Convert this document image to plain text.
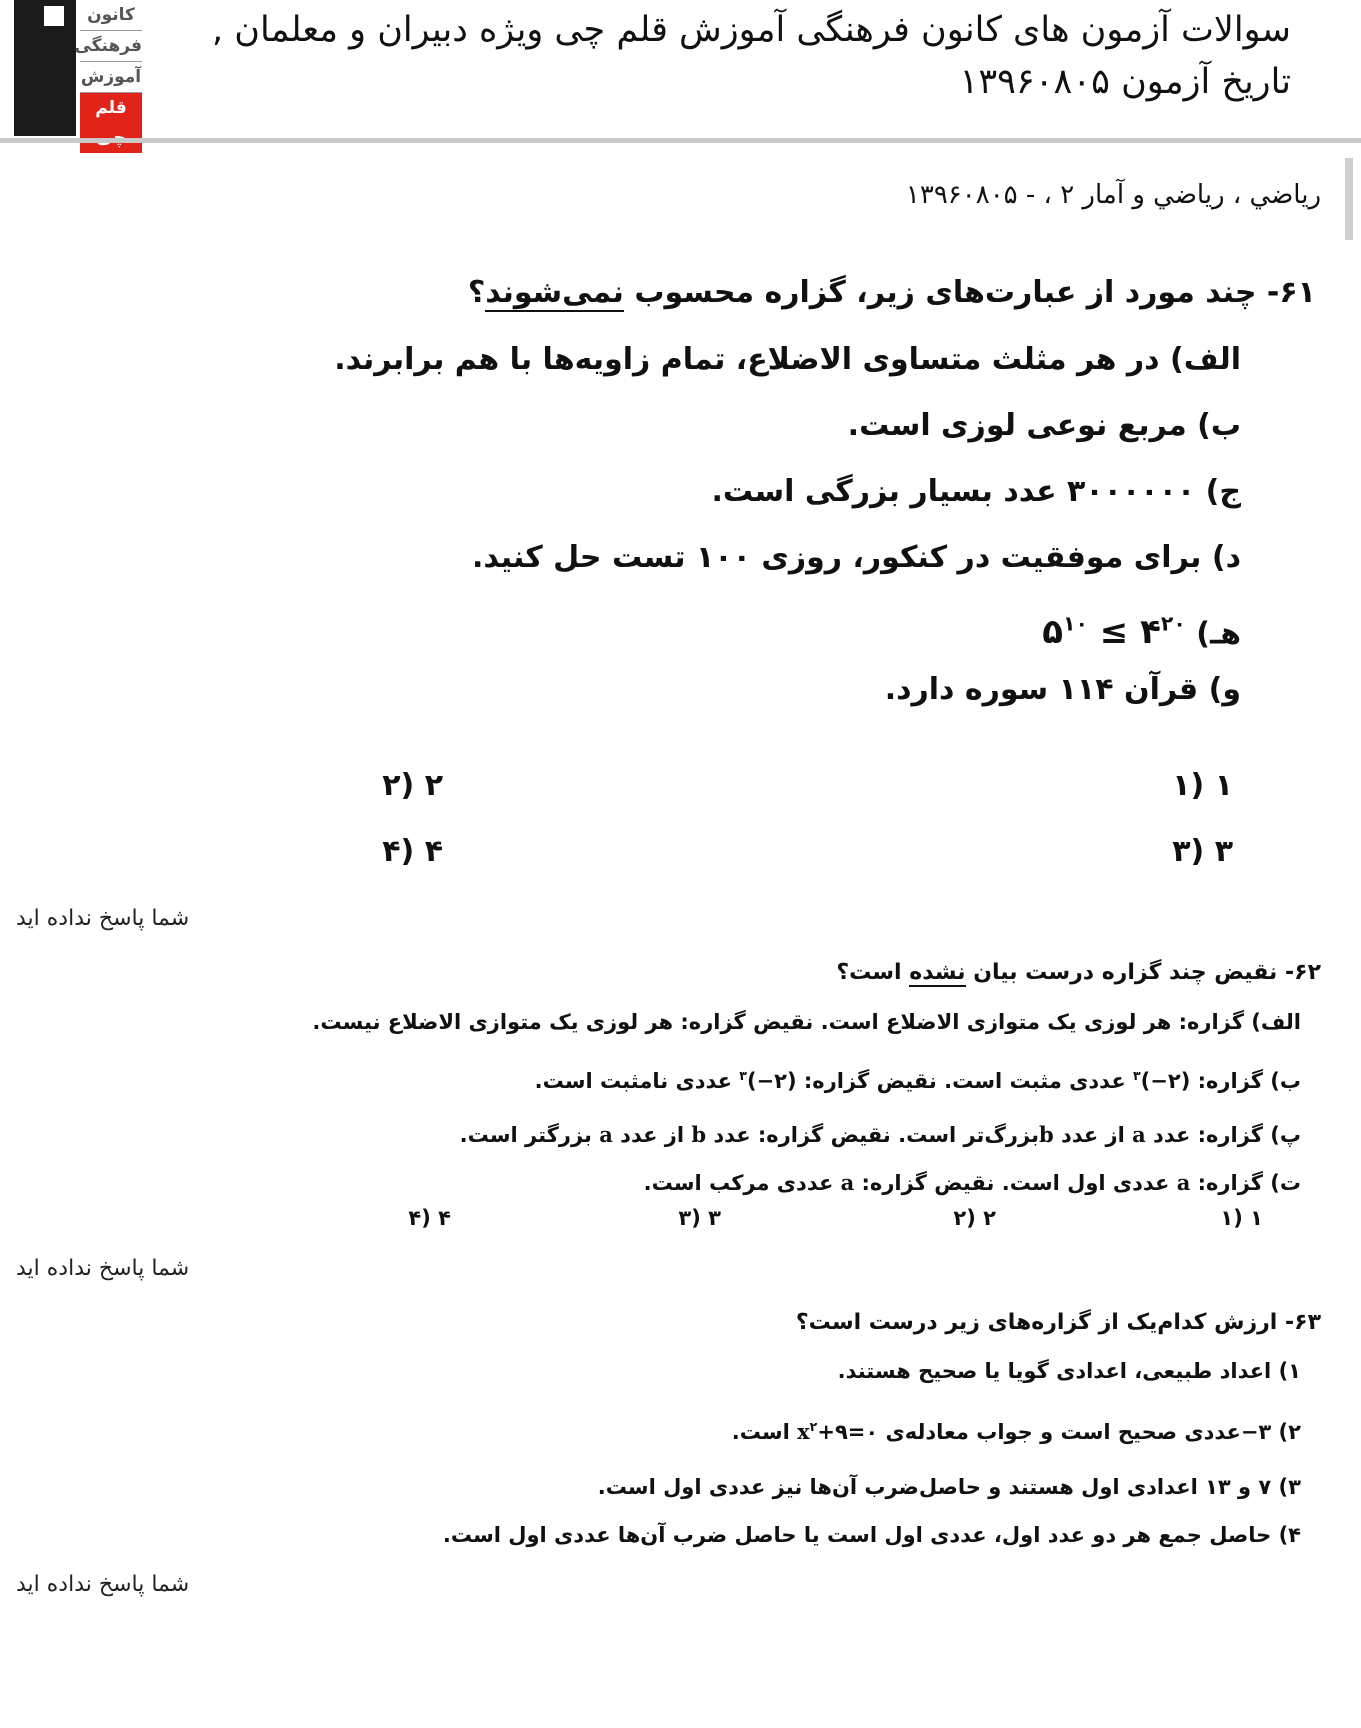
کانون
فرهنگی
آموزش
قلم
سوالات آزمون های کانون فرهنگی آموزش قلم چی ویژه دبیران و معلمان ,
تاریخ آزمون ۱۳۹۶۰۸۰۵
رياضي ، رياضي و آمار ۲ ، - ۱۳۹۶۰۸۰۵
۶۱- چند مورد از عبارت‌های زیر، گزاره محسوب نمی‌شوند؟
الف) در هر مثلث متساوی الاضلاع، تمام زاویه‌ها با هم برابرند.
ب) مربع نوعی لوزی است.
ج) ۳۰۰۰۰۰۰ عدد بسیار بزرگی است.
د) برای موفقیت در کنکور، روزی ۱۰۰ تست حل کنید.
هـ) $۴^{۲۰}$ ≥ $۵^{۱۰}$
و) قرآن ۱۱۴ سوره دارد.
۱ (۱
۲ (۲
۳ (۳
۴ (۴
شما پاسخ نداده اید
۶۲- نقیض چند گزاره درست بیان نشده است؟
الف) گزاره: هر لوزی یک متوازی الاضلاع است. نقیض گزاره: هر لوزی یک متوازی الاضلاع نیست.
ب) گزاره: (۲−)$^۳$ عددی مثبت است. نقیض گزاره: (۲−)$^۳$ عددی نامثبت است.
پ) گزاره: عدد a از عدد bبزرگ‌تر است. نقیض گزاره: عدد b از عدد a بزرگتر است.
ت) گزاره: a عددی اول است. نقیض گزاره: a عددی مرکب است.
۱ (۱
۲ (۲
۳ (۳
۴ (۴
شما پاسخ نداده اید
۶۳- ارزش کدام‌یک از گزاره‌های زیر درست است؟
۱) اعداد طبیعی، اعدادی گویا یا صحیح هستند.
۲) ۳−عددی صحیح است و جواب معادله‌ی $۰=۹+x^۲$ است.
۳) ۷ و ۱۳ اعدادی اول هستند و حاصل‌ضرب آن‌ها نیز عددی اول است.
۴) حاصل جمع هر دو عدد اول، عددی اول است یا حاصل ضرب آن‌ها عددی اول است.
شما پاسخ نداده اید
